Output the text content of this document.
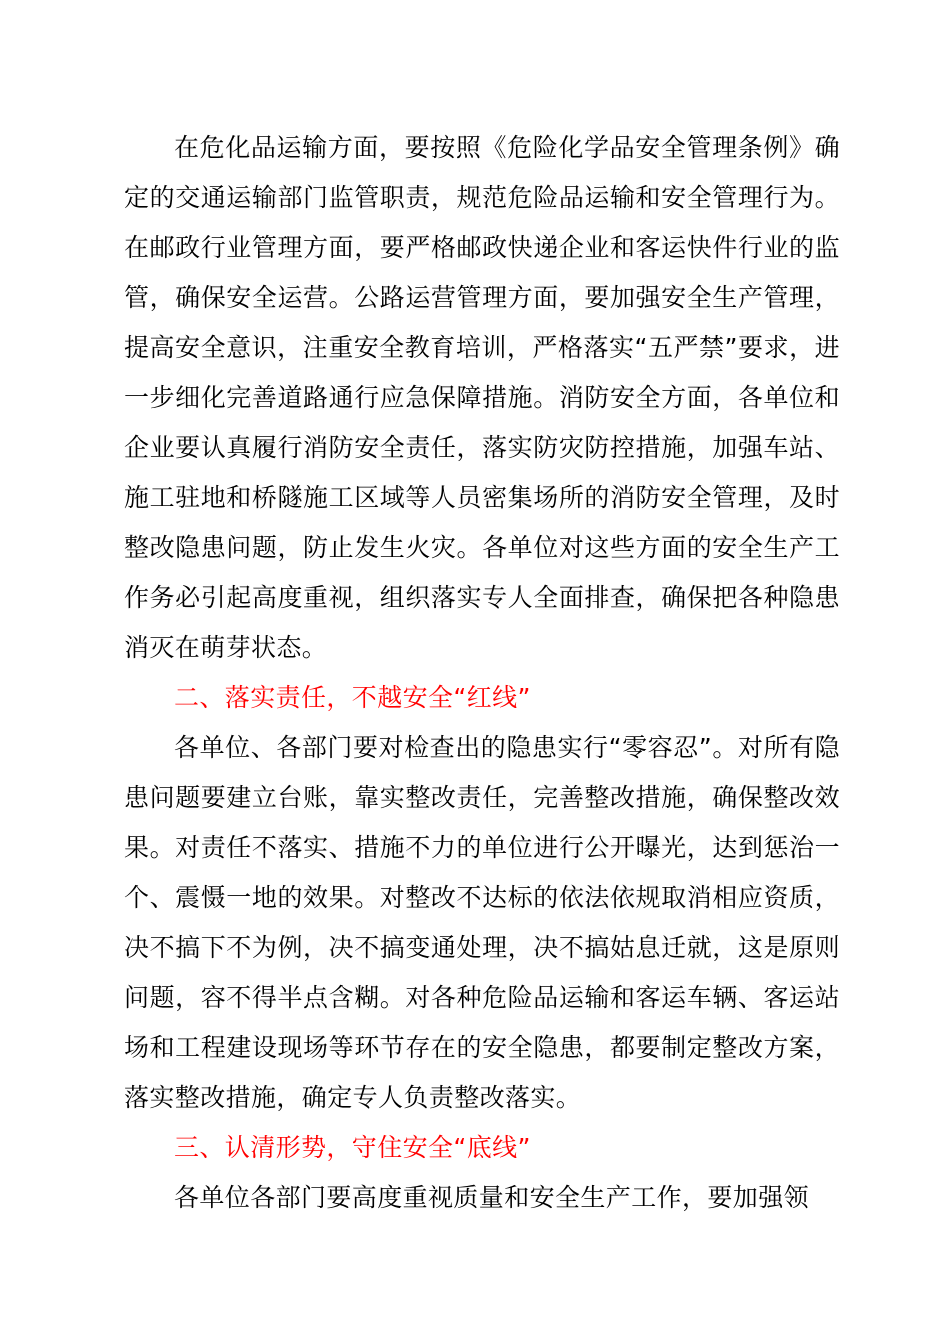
在危化品运输方面，要按照《危险化学品安全管理条例》确定的交通运输部门监管职责，规范危险品运输和安全管理行为。在邮政行业管理方面，要严格邮政快递企业和客运快件行业的监管，确保安全运营。公路运营管理方面，要加强安全生产管理，提高安全意识，注重安全教育培训，严格落实“五严禁”要求，进一步细化完善道路通行应急保障措施。消防安全方面，各单位和企业要认真履行消防安全责任，落实防灾防控措施，加强车站、施工驻地和桥隧施工区域等人员密集场所的消防安全管理，及时整改隐患问题，防止发生火灾。各单位对这些方面的安全生产工作务必引起高度重视，组织落实专人全面排查，确保把各种隐患消灭在萌芽状态。

二、落实责任，不越安全“红线”

各单位、各部门要对检查出的隐患实行“零容忍”。对所有隐患问题要建立台账，靠实整改责任，完善整改措施，确保整改效果。对责任不落实、措施不力的单位进行公开曝光，达到惩治一个、震慑一地的效果。对整改不达标的依法依规取消相应资质，决不搞下不为例，决不搞变通处理，决不搞姑息迁就，这是原则问题，容不得半点含糊。对各种危险品运输和客运车辆、客运站场和工程建设现场等环节存在的安全隐患，都要制定整改方案，落实整改措施，确定专人负责整改落实。

三、认清形势，守住安全“底线”

各单位各部门要高度重视质量和安全生产工作，要加强领
